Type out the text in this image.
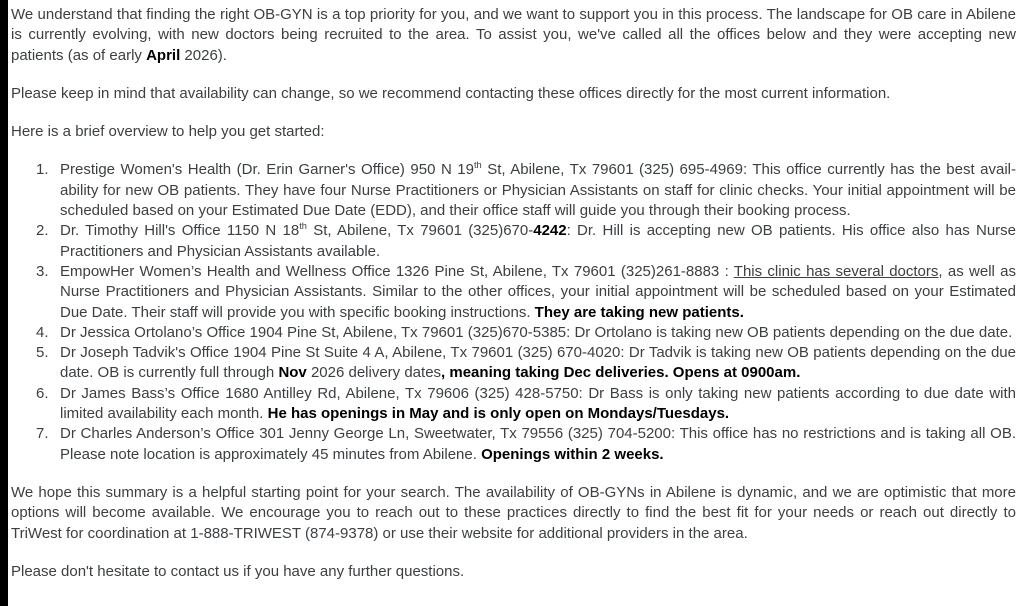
We understand that finding the right OB-GYN is a top priority for you, and we want to support you in this process. The landscape for OB care in Abilene is currently evolving, with new doctors being recruited to the area. To assist you, we've called all the offices below and they were accepting new patients (as of early April 2026).

Please keep in mind that availability can change, so we recommend contacting these offices directly for the most current information.

Here is a brief overview to help you get started:

1. Prestige Women's Health (Dr. Erin Garner's Office) 950 N 19th St, Abilene, Tx 79601 (325) 695-4969: This office currently has the best availability for new OB patients. They have four Nurse Practitioners or Physician Assistants on staff for clinic checks. Your initial appointment will be scheduled based on your Estimated Due Date (EDD), and their office staff will guide you through their booking process.
2. Dr. Timothy Hill's Office 1150 N 18th St, Abilene, Tx 79601 (325)670-4242: Dr. Hill is accepting new OB patients. His office also has Nurse Practitioners and Physician Assistants available.
3. EmpowHer Women’s Health and Wellness Office 1326 Pine St, Abilene, Tx 79601 (325)261-8883 : This clinic has several doctors, as well as Nurse Practitioners and Physician Assistants. Similar to the other offices, your initial appointment will be scheduled based on your Estimated Due Date. Their staff will provide you with specific booking instructions. They are taking new patients.
4. Dr Jessica Ortolano’s Office 1904 Pine St, Abilene, Tx 79601 (325)670-5385: Dr Ortolano is taking new OB patients depending on the due date.
5. Dr Joseph Tadvik's Office 1904 Pine St Suite 4 A, Abilene, Tx 79601 (325) 670-4020: Dr Tadvik is taking new OB patients depending on the due date. OB is currently full through Nov 2026 delivery dates, meaning taking Dec deliveries. Opens at 0900am.
6. Dr James Bass’s Office 1680 Antilley Rd, Abilene, Tx 79606 (325) 428-5750: Dr Bass is only taking new patients according to due date with limited availability each month. He has openings in May and is only open on Mondays/Tuesdays.
7. Dr Charles Anderson’s Office 301 Jenny George Ln, Sweetwater, Tx 79556 (325) 704-5200: This office has no restrictions and is taking all OB. Please note location is approximately 45 minutes from Abilene. Openings within 2 weeks.

We hope this summary is a helpful starting point for your search. The availability of OB-GYNs in Abilene is dynamic, and we are optimistic that more options will become available. We encourage you to reach out to these practices directly to find the best fit for your needs or reach out directly to TriWest for coordination at 1-888-TRIWEST (874-9378) or use their website for additional providers in the area.

Please don't hesitate to contact us if you have any further questions.
